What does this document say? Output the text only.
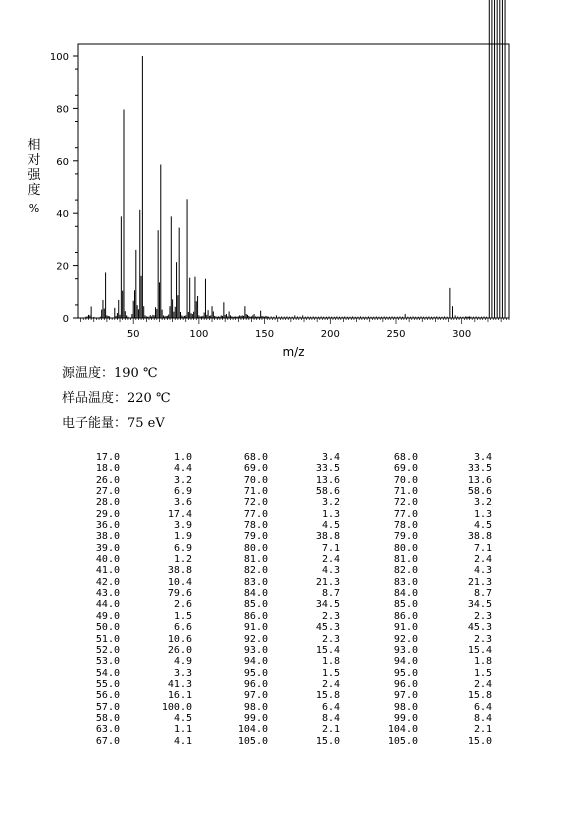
0
20
40
60
80
100
50	100	150	200	250	300
m/z
相
对
强
度
%
源温度：190 ℃
样品温度：220 ℃
电子能量：75 eV
17.0	1.0	68.0	3.4	68.0	3.4
18.0	4.4	69.0	33.5	69.0	33.5
26.0	3.2	70.0	13.6	70.0	13.6
27.0	6.9	71.0	58.6	71.0	58.6
28.0	3.6	72.0	3.2	72.0	3.2
29.0	17.4	77.0	1.3	77.0	1.3
36.0	3.9	78.0	4.5	78.0	4.5
38.0	1.9	79.0	38.8	79.0	38.8
39.0	6.9	80.0	7.1	80.0	7.1
40.0	1.2	81.0	2.4	81.0	2.4
41.0	38.8	82.0	4.3	82.0	4.3
42.0	10.4	83.0	21.3	83.0	21.3
43.0	79.6	84.0	8.7	84.0	8.7
44.0	2.6	85.0	34.5	85.0	34.5
49.0	1.5	86.0	2.3	86.0	2.3
50.0	6.6	91.0	45.3	91.0	45.3
51.0	10.6	92.0	2.3	92.0	2.3
52.0	26.0	93.0	15.4	93.0	15.4
53.0	4.9	94.0	1.8	94.0	1.8
54.0	3.3	95.0	1.5	95.0	1.5
55.0	41.3	96.0	2.4	96.0	2.4
56.0	16.1	97.0	15.8	97.0	15.8
57.0	100.0	98.0	6.4	98.0	6.4
58.0	4.5	99.0	8.4	99.0	8.4
63.0	1.1	104.0	2.1	104.0	2.1
67.0	4.1	105.0	15.0	105.0	15.0
